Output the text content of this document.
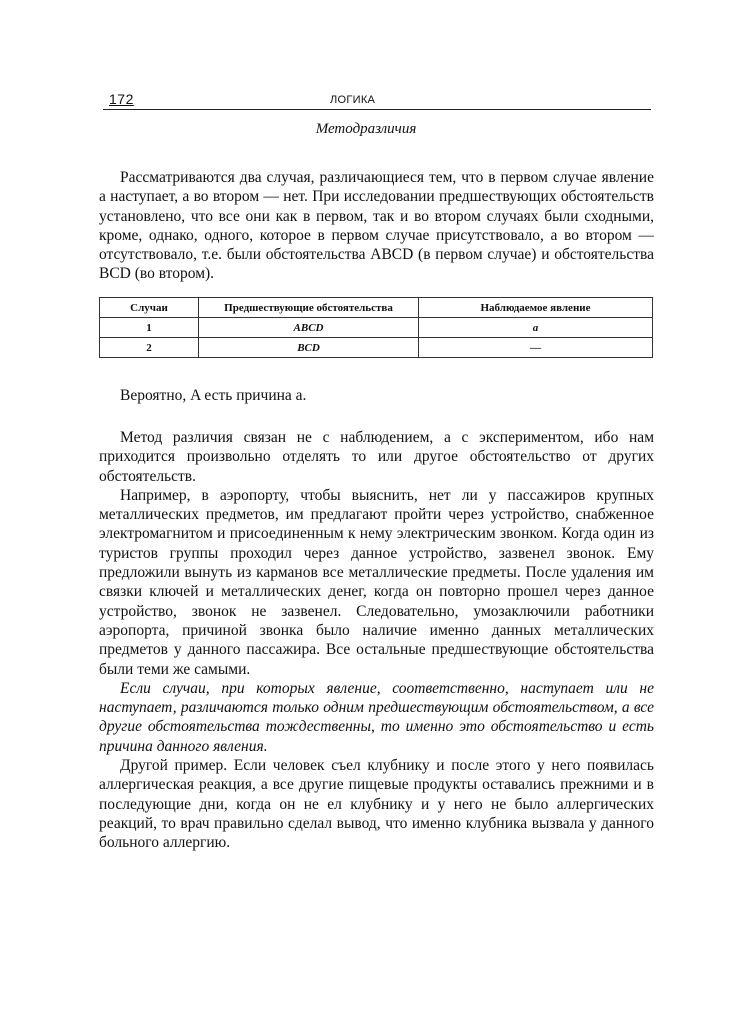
172	ЛОГИКА
Методразличия

Рассматриваются два случая, различающиеся тем, что в первом случае явление a наступает, а во втором — нет. При исследовании предшествующих обстоятельств установлено, что все они как в первом, так и во втором случаях были сходными, кроме, однако, одного, которое в первом случае присутствовало, а во втором — отсутствовало, т.е. были обстоятельства ABCD (в первом случае) и обстоятельства BCD (во втором).

Случаи	Предшествующие обстоятельства	Наблюдаемое явление
1	ABCD	a
2	BCD	—

Вероятно, A есть причина a.

Метод различия связан не с наблюдением, а с экспериментом, ибо нам приходится произвольно отделять то или другое обстоятельство от других обстоятельств.

Например, в аэропорту, чтобы выяснить, нет ли у пассажиров крупных металлических предметов, им предлагают пройти через устройство, снабженное электромагнитом и присоединенным к нему электрическим звонком. Когда один из туристов группы проходил через данное устройство, зазвенел звонок. Ему предложили вынуть из карманов все металлические предметы. После удаления им связки ключей и металлических денег, когда он повторно прошел через данное устройство, звонок не зазвенел. Следовательно, умозаключили работники аэропорта, причиной звонка было наличие именно данных металлических предметов у данного пассажира. Все остальные предшествующие обстоятельства были теми же самыми.

Если случаи, при которых явление, соответственно, наступает или не наступает, различаются только одним предшествующим обстоятельством, а все другие обстоятельства тождественны, то именно это обстоятельство и есть причина данного явления.

Другой пример. Если человек съел клубнику и после этого у него появилась аллергическая реакция, а все другие пищевые продукты оставались прежними и в последующие дни, когда он не ел клубнику и у него не было аллергических реакций, то врач правильно сделал вывод, что именно клубника вызвала у данного больного аллергию.
